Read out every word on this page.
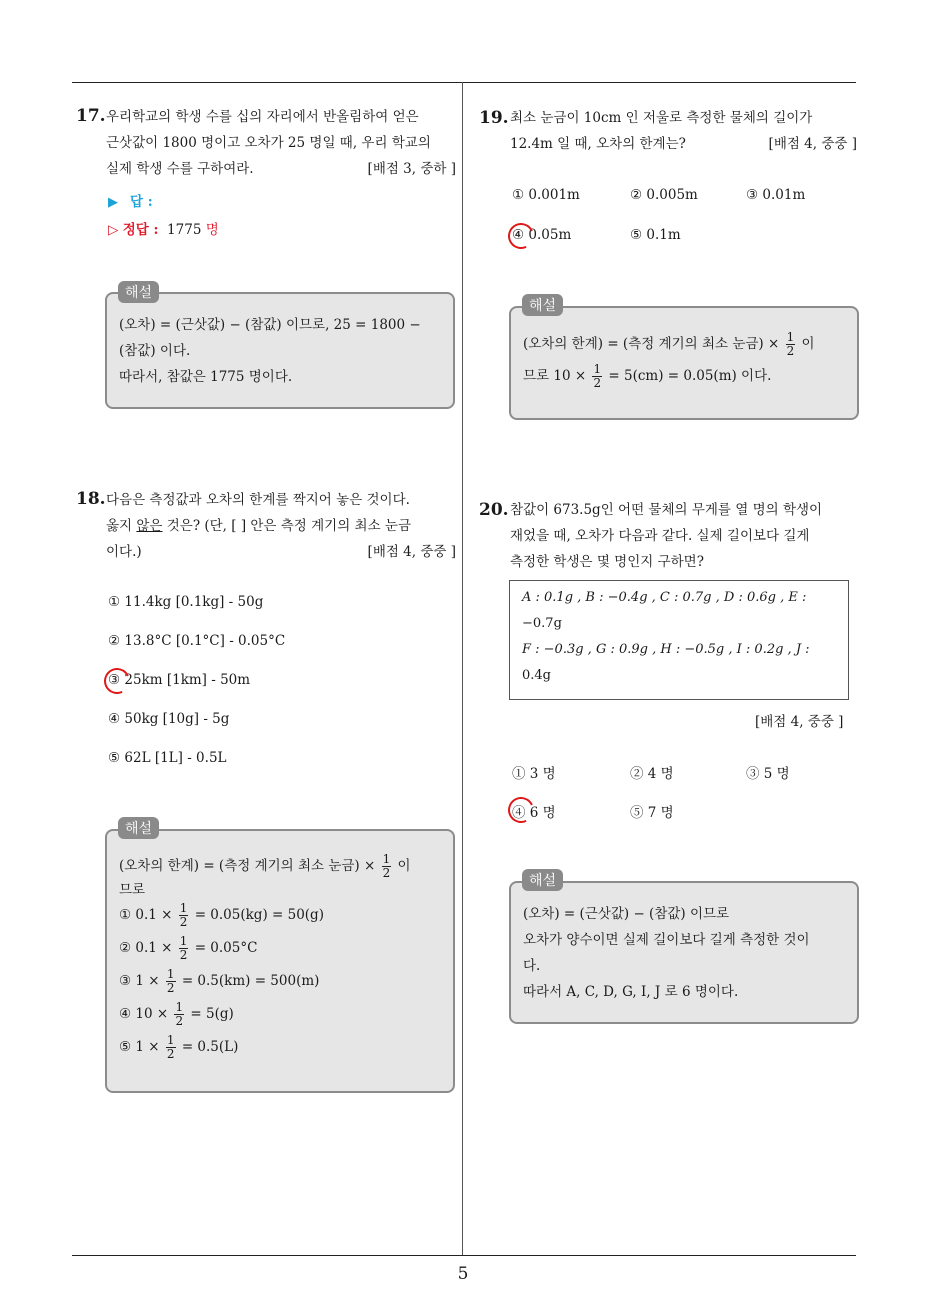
17. 우리학교의 학생 수를 십의 자리에서 반올림하여 얻은
근삿값이 1800 명이고 오차가 25 명일 때, 우리 학교의
실제 학생 수를 구하여라.	[배점 3, 중하 ]
▶ 답 :
▷ 정답 : 1775 명
(오차) = (근삿값) − (참값) 이므로, 25 = 1800 −
(참값) 이다.
따라서, 참값은 1775 명이다.
해설
18. 다음은 측정값과 오차의 한계를 짝지어 놓은 것이다.
옳지 않은 것은? (단, [ ] 안은 측정 계기의 최소 눈금
이다.)	[배점 4, 중중 ]
① 11.4kg [0.1kg] - 50g
② 13.8°C [0.1°C] - 0.05°C
③ 25km [1km] - 50m
④ 50kg [10g] - 5g
⑤ 62L [1L] - 0.5L
(오차의 한계) = (측정 계기의 최소 눈금) × $\frac{1}{2}$ 이
므로
① $0.1 \times \frac{1}{2} = 0.05(kg) = 50(g)$
② $0.1 \times \frac{1}{2} = 0.05^\circ C$
③ $1 \times \frac{1}{2} = 0.5(km) = 500(m)$
④ $10 \times \frac{1}{2} = 5(g)$
⑤ $1 \times \frac{1}{2} = 0.5(L)$
해설
19. 최소 눈금이 10cm 인 저울로 측정한 물체의 길이가
12.4m 일 때, 오차의 한계는?	[배점 4, 중중 ]
① 0.001m	② 0.005m	③ 0.01m
④ 0.05m	⑤ 0.1m
(오차의 한계) = (측정 계기의 최소 눈금) × $\frac{1}{2}$ 이
므로 $10 \times \frac{1}{2} = 5(cm) = 0.05(m)$ 이다.
해설
20. 참값이 673.5g인 어떤 물체의 무게를 열 명의 학생이
재었을 때, 오차가 다음과 같다. 실제 길이보다 길게
측정한 학생은 몇 명인지 구하면?
A : 0.1g , B : −0.4g , C : 0.7g , D : 0.6g , E :
−0.7g
F : −0.3g , G : 0.9g , H : −0.5g , I : 0.2g , J :
0.4g
[배점 4, 중중 ]
① 3 명	② 4 명	③ 5 명
④ 6 명	⑤ 7 명
(오차) = (근삿값) − (참값) 이므로
오차가 양수이면 실제 길이보다 길게 측정한 것이
다.
따라서 A, C, D, G, I, J 로 6 명이다.
해설
5
